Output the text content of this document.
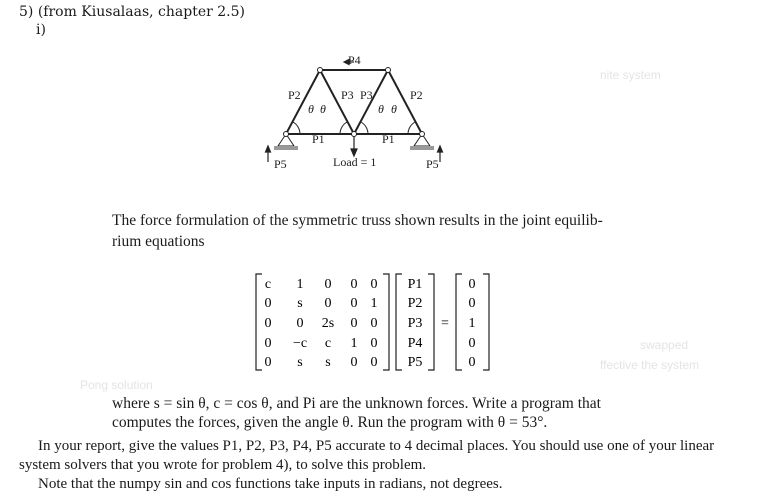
nite system
swapped
ffective the system
Pong solution
5) (from Kiusalaas, chapter 2.5)
i)
P4
P2	P3 P3	P2
θ θ	θ θ
P1	P1
P5	P5
Load = 1
The force formulation of the symmetric truss shown results in the joint equilib-
rium equations
c 1 0 0 0 P1	0
0 s 0 0 1 P2	0
0 0 2s 0 0 P3	1
0 −c c 1 0 P4	0
0 s s 0 0 P5	0
=
where s = sin θ, c = cos θ, and Pi are the unknown forces. Write a program that
computes the forces, given the angle θ. Run the program with θ = 53°.
In your report, give the values P1, P2, P3, P4, P5 accurate to 4 decimal places. You should use one of your linear
system solvers that you wrote for problem 4), to solve this problem.
Note that the numpy sin and cos functions take inputs in radians, not degrees.
